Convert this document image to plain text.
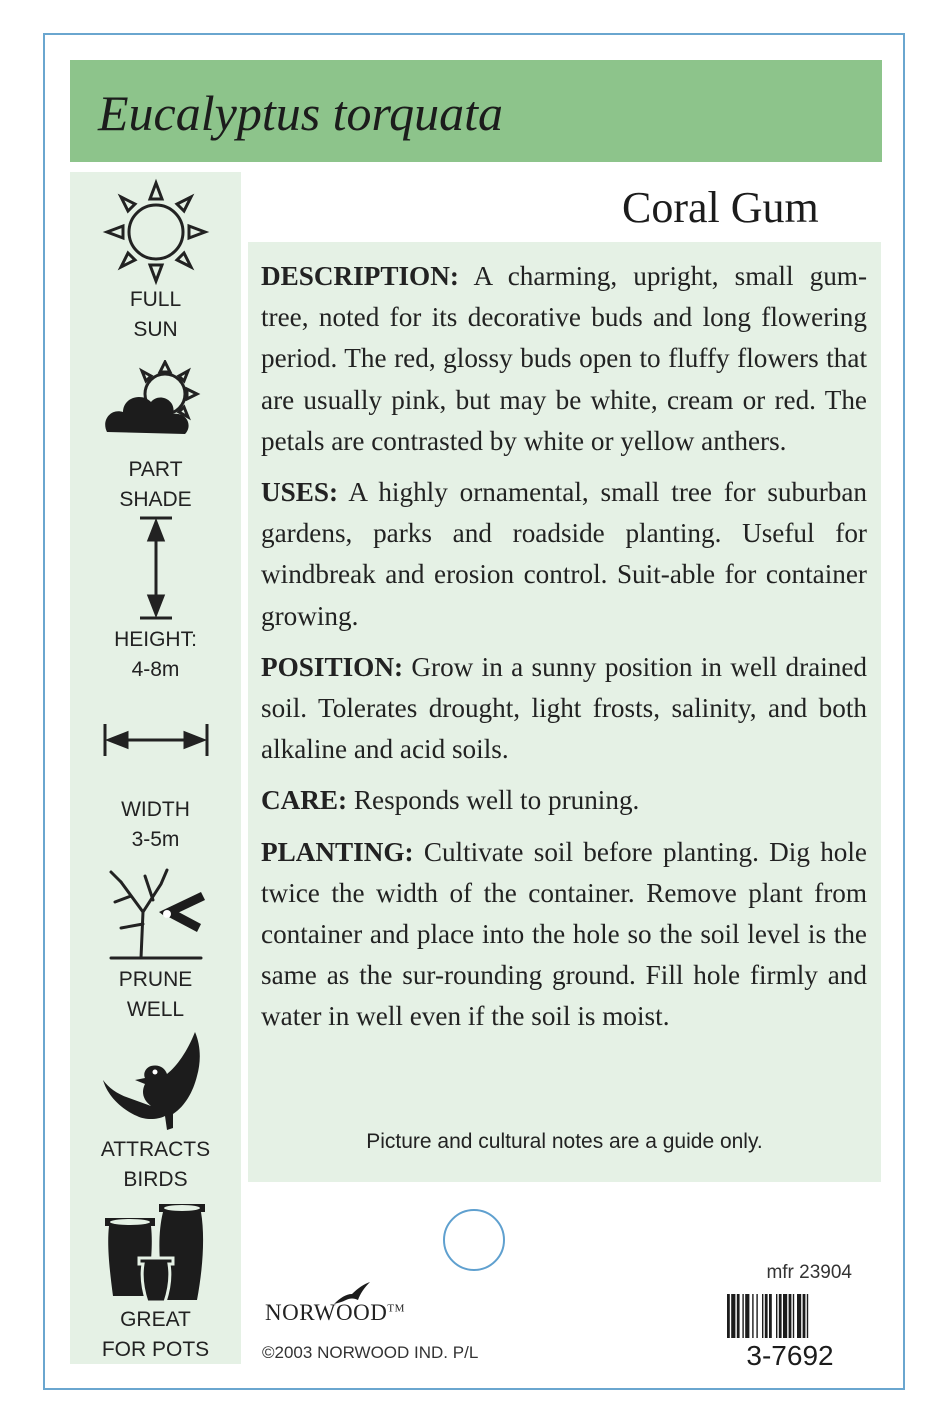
Eucalyptus torquata
FULL
SUN
PART
SHADE
HEIGHT:
4-8m
WIDTH
3-5m
PRUNE
WELL
ATTRACTS
BIRDS
GREAT
FOR POTS
Coral Gum

DESCRIPTION: A charming, upright, small gum-tree, noted for its decorative buds and long flowering period. The red, glossy buds open to fluffy flowers that are usually pink, but may be white, cream or red. The petals are contrasted by white or yellow anthers.

USES: A highly ornamental, small tree for suburban gardens, parks and roadside planting. Useful for windbreak and erosion control. Suit-able for container growing.

POSITION: Grow in a sunny position in well drained soil. Tolerates drought, light frosts, salinity, and both alkaline and acid soils.

CARE: Responds well to pruning.

PLANTING: Cultivate soil before planting. Dig hole twice the width of the container. Remove plant from container and place into the hole so the soil level is the same as the sur-rounding ground. Fill hole firmly and water in well even if the soil is moist.

Picture and cultural notes are a guide only.
NORWOOD™
©2003 NORWOOD IND. P/L
mfr 23904
3-7692
